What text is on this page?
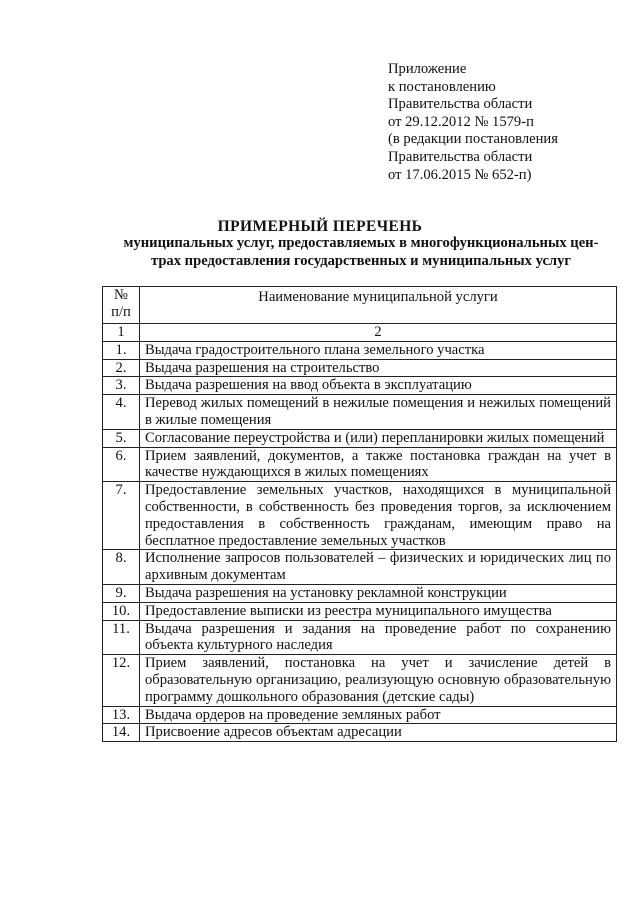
Приложение
к постановлению
Правительства области
от 29.12.2012 № 1579-п
(в редакции постановления
Правительства области
от 17.06.2015 № 652-п)
ПРИМЕРНЫЙ ПЕРЕЧЕНЬ
муниципальных услуг, предоставляемых в многофункциональных цен-
трах предоставления государственных и муниципальных услуг
№ п/п	Наименование муниципальной услуги
1	2
1.	Выдача градостроительного плана земельного участка
2.	Выдача разрешения на строительство
3.	Выдача разрешения на ввод объекта в эксплуатацию
4.	Перевод жилых помещений в нежилые помещения и нежилых помещений в жилые помещения
5.	Согласование переустройства и (или) перепланировки жилых помещений
6.	Прием заявлений, документов, а также постановка граждан на учет в качестве нуждающихся в жилых помещениях
7.	Предоставление земельных участков, находящихся в муниципальной собственности, в собственность без проведения торгов, за исключением предоставления в собственность гражданам, имеющим право на бесплатное предоставление земельных участков
8.	Исполнение запросов пользователей – физических и юридических лиц по архивным документам
9.	Выдача разрешения на установку рекламной конструкции
10.	Предоставление выписки из реестра муниципального имущества
11.	Выдача разрешения и задания на проведение работ по сохранению объекта культурного наследия
12.	Прием заявлений, постановка на учет и зачисление детей в образовательную организацию, реализующую основную образовательную программу дошкольного образования (детские сады)
13.	Выдача ордеров на проведение земляных работ
14.	Присвоение адресов объектам адресации
